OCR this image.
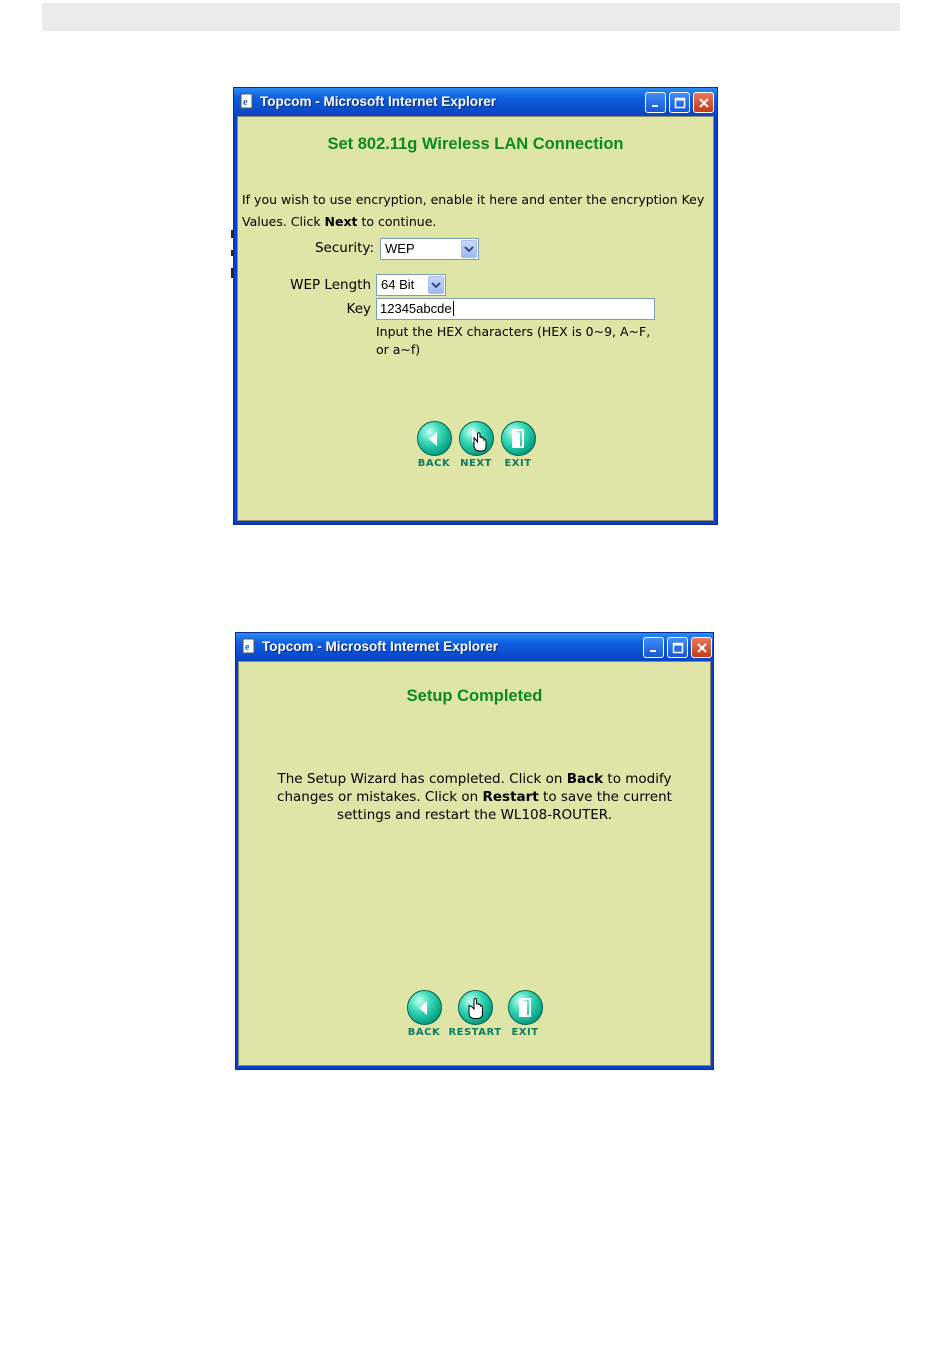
e Topcom - Microsoft Internet Explorer
Set 802.11g Wireless LAN Connection
If you wish to use encryption, enable it here and enter the encryption Key
Values. Click Next to continue.
Security: WEP
WEP Length 64 Bit
Key 12345abcde
Input the HEX characters (HEX is 0~9, A~F,
or a~f)
BACK NEXT	EXIT
e Topcom - Microsoft Internet Explorer
Setup Completed
The Setup Wizard has completed. Click on Back to modify
changes or mistakes. Click on Restart to save the current
settings and restart the WL108-ROUTER.
BACK RESTART EXIT
